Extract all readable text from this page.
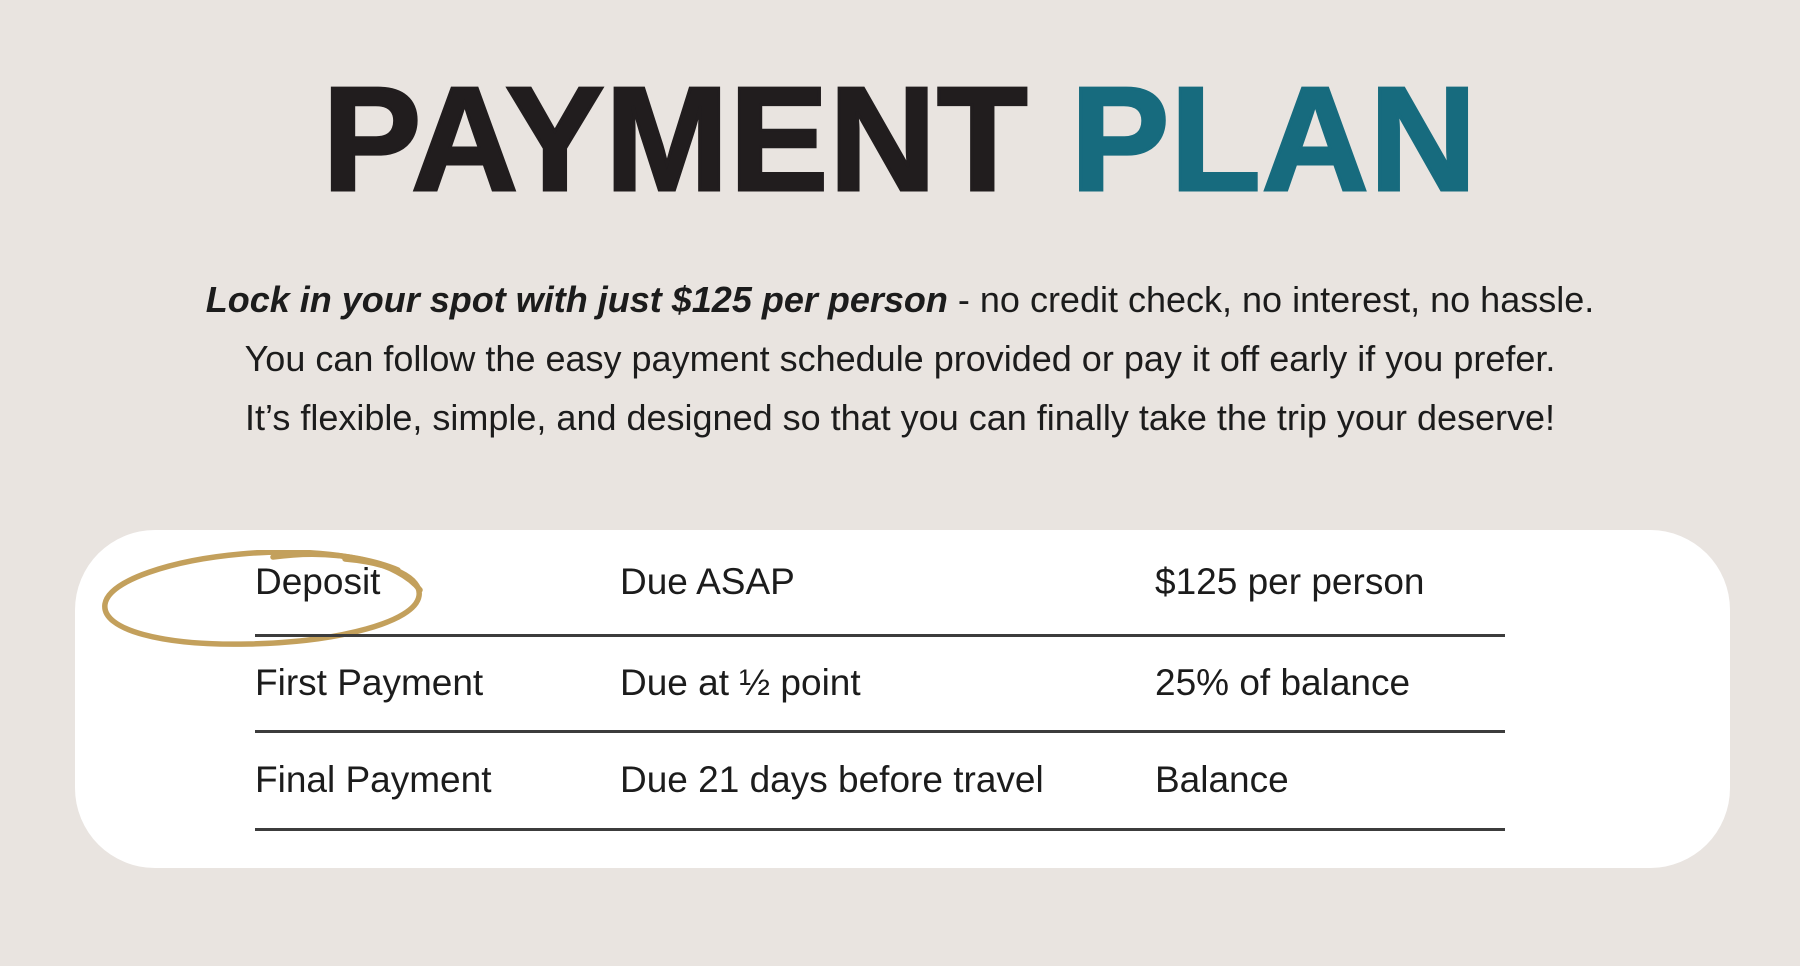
PAYMENT PLAN
Lock in your spot with just $125 per person - no credit check, no interest, no hassle.
You can follow the easy payment schedule provided or pay it off early if you prefer.
It’s flexible, simple, and designed so that you can finally take the trip your deserve!
Deposit	Due ASAP	$125 per person
First Payment	Due at ½ point	25% of balance
Final Payment	Due 21 days before travel	Balance
